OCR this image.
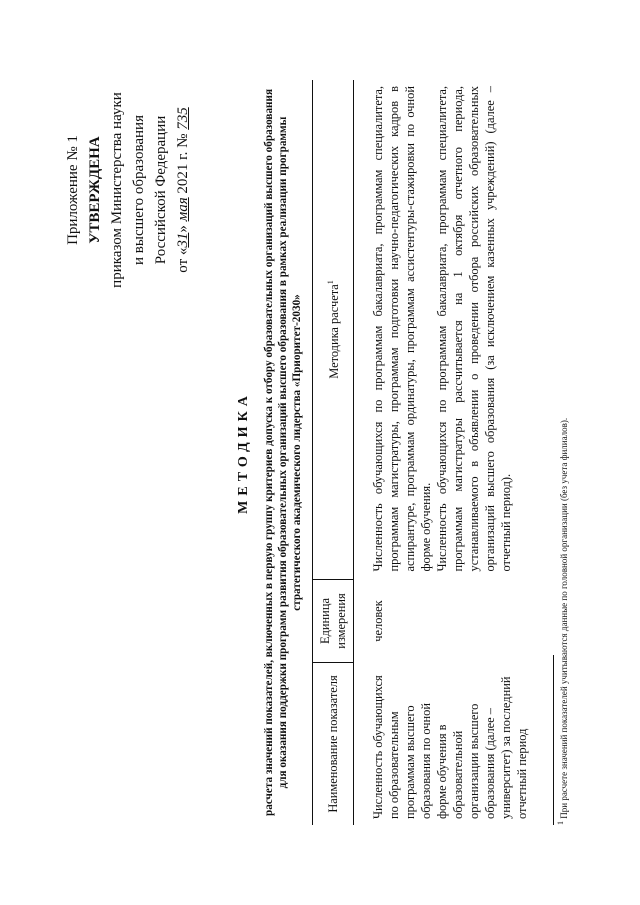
Приложение № 1 УТВЕРЖДЕНА приказом Министерства науки и высшего образования Российской Федерации от «31» мая 2021 г. № 735
МЕТОДИКА расчета значений показателей, включенных в первую группу критериев допуска к отбору образовательных организаций высшего образования для оказания поддержки программ развития образовательных организаций высшего образования в рамках реализации программы стратегического академического лидерства «Приоритет-2030»
Наименование показателя	Единица измерения	Методика расчета$^1$
Численность обучающихся по образовательным программам высшего образования по очной форме обучения в образовательной организации высшего образования (далее – университет) за последний отчетный период	человек	Численность обучающихся по программам бакалавриата, программам специалитета, программам магистратуры, программам подготовки научно-педагогических кадров в аспирантуре, программам ординатуры, программам ассистентуры-стажировки по очной форме обучения. Численность обучающихся по программам бакалавриата, программам специалитета, программам магистратуры рассчитывается на 1 октября отчетного периода, устанавливаемого в объявлении о проведении отбора российских образовательных организаций высшего образования (за исключением казенных учреждений) (далее – отчетный период).
$^1$ При расчете значений показателей учитываются данные по головной организации (без учета филиалов).
